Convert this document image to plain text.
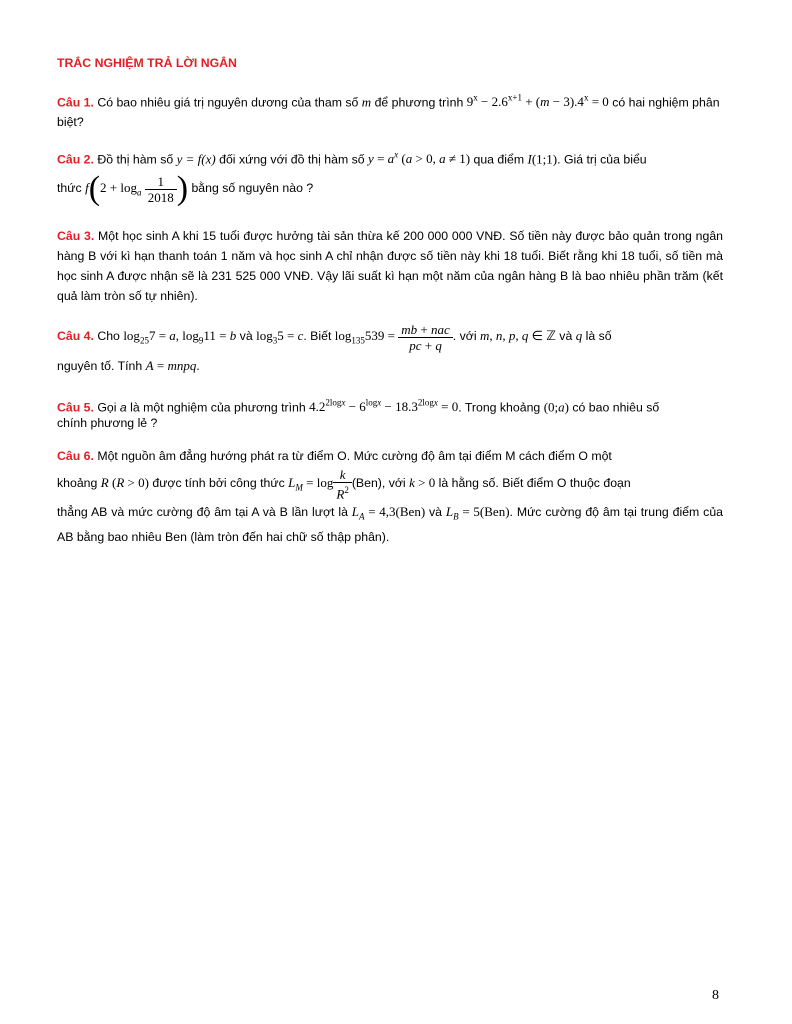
TRẮC NGHIỆM TRẢ LỜI NGẮN
Câu 1. Có bao nhiêu giá trị nguyên dương của tham số m để phương trình $9^x - 2.6^{x+1} + (m - 3).4^x = 0$ có hai nghiệm phân biệt?
Câu 2. Đồ thị hàm số y = f(x) đối xứng với đồ thị hàm số $y = a^x$ (a > 0, a ≠ 1) qua điểm I(1;1). Giá trị của biểu
thức $f(2 + \log_a \frac{1}{2018}$ ) bằng số nguyên nào ?
Câu 3. Một học sinh A khi 15 tuổi được hưởng tài sản thừa kế 200 000 000 VNĐ. Số tiền này được bảo quản trong ngân hàng B với kì hạn thanh toán 1 năm và học sinh A chỉ nhận được số tiền này khi 18 tuổi. Biết rằng khi 18 tuổi, số tiền mà học sinh A được nhận sẽ là 231 525 000 VNĐ. Vậy lãi suất kì hạn một năm của ngân hàng B là bao nhiêu phần trăm (kết quả làm tròn số tự nhiên).
Câu 4. Cho $\log_{25}7 = a$, $\log_911 = b$ và $\log_35 = c$. Biết $\log_{135}539 = \frac{\text{mb + nac}}{pc + q}$ . với m, n, p, q ∈ ℤ và q là số
nguyên tố. Tính A = mnpq.
Câu 5. Gọi a là một nghiệm của phương trình $4.2^{2logx} - 6^{logx} - 18.3^{2logx} = 0$. Trong khoảng (0;a) có bao nhiêu số
chính phương lẻ ?
Câu 6. Một nguồn âm đẳng hướng phát ra từ điểm O. Mức cường độ âm tại điểm M cách điểm O một
khoảng R (R > 0) được tính bởi công thức $L_M = \log \frac{k}{R^2} (Ben)$, với k > 0 là hằng số. Biết điểm O thuộc đoạn
thẳng AB và mức cường độ âm tại A và B lần lượt là $L_A = 4,3(Ben)$ và $L_B = 5(Ben)$. Mức cường độ âm tại trung điểm của AB bằng bao nhiêu Ben (làm tròn đến hai chữ số thập phân).
8
